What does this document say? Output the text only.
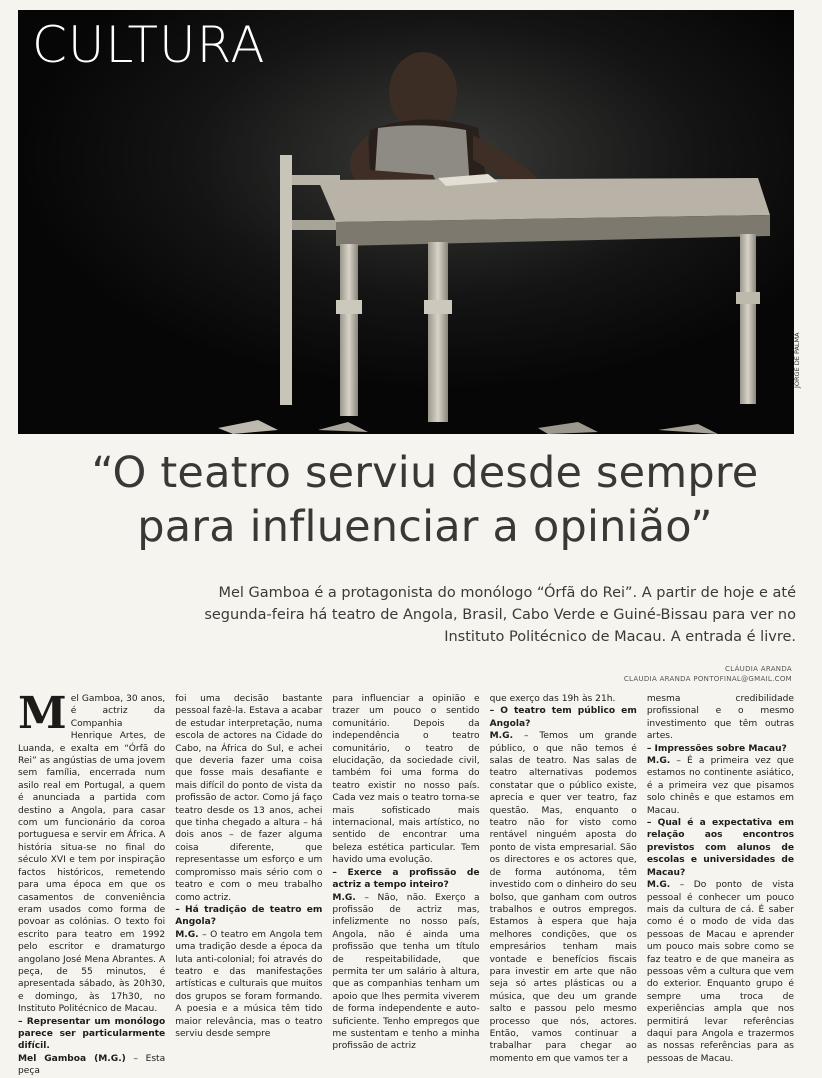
CULTURA
JORGE DE PALMA
“O teatro serviu desde sempre para influenciar a opinião”

Mel Gamboa é a protagonista do monólogo “Órfã do Rei”. A partir de hoje e até segunda-feira há teatro de Angola, Brasil, Cabo Verde e Guiné-Bissau para ver no Instituto Politécnico de Macau. A entrada é livre.

CLÁUDIA ARANDA
CLAUDIA ARANDA PONTOFINAL@GMAIL.COM
M el Gamboa, 30 anos, é actriz da Companhia Henrique Artes, de Luanda, e exalta em “Órfã do Rei” as angústias de uma jovem sem família, encerrada num asilo real em Portugal, a quem é anunciada a partida com destino a Angola, para casar com um funcionário da coroa portuguesa e servir em África. A história situa-se no final do século XVI e tem por inspiração factos históricos, remetendo para uma época em que os casamentos de conveniência eram usados como forma de povoar as colónias. O texto foi escrito para teatro em 1992 pelo escritor e dramaturgo angolano José Mena Abrantes. A peça, de 55 minutos, é apresentada sábado, às 20h30, e domingo, às 17h30, no Instituto Politécnico de Macau.

– Representar um monólogo parece ser particularmente difícil.

Mel Gamboa (M.G.) – Esta peça

foi uma decisão bastante pessoal fazê-la. Estava a acabar de estudar interpretação, numa escola de actores na Cidade do Cabo, na África do Sul, e achei que deveria fazer uma coisa que fosse mais desafiante e mais difícil do ponto de vista da profissão de actor. Como já faço teatro desde os 13 anos, achei que tinha chegado a altura – há dois anos – de fazer alguma coisa diferente, que representasse um esforço e um compromisso mais sério com o teatro e com o meu trabalho como actriz.

– Há tradição de teatro em Angola?

M.G. – O teatro em Angola tem uma tradição desde a época da luta anti-colonial; foi através do teatro e das manifestações artísticas e culturais que muitos dos grupos se foram formando. A poesia e a música têm tido maior relevância, mas o teatro serviu desde sempre

para influenciar a opinião e trazer um pouco o sentido comunitário. Depois da independência o teatro comunitário, o teatro de elucidação, da sociedade civil, também foi uma forma do teatro existir no nosso país. Cada vez mais o teatro torna-se mais sofisticado mais internacional, mais artístico, no sentido de encontrar uma beleza estética particular. Tem havido uma evolução.

– Exerce a profissão de actriz a tempo inteiro?

M.G. – Não, não. Exerço a profissão de actriz mas, infelizmente no nosso país, Angola, não é ainda uma profissão que tenha um título de respeitabilidade, que permita ter um salário à altura, que as companhias tenham um apoio que lhes permita viverem de forma independente e auto-suficiente. Tenho empregos que me sustentam e tenho a minha profissão de actriz

que exerço das 19h às 21h.

– O teatro tem público em Angola?

M.G. – Temos um grande público, o que não temos é salas de teatro. Nas salas de teatro alternativas podemos constatar que o público existe, aprecia e quer ver teatro, faz questão. Mas, enquanto o teatro não for visto como rentável ninguém aposta do ponto de vista empresarial. São os directores e os actores que, de forma autónoma, têm investido com o dinheiro do seu bolso, que ganham com outros trabalhos e outros empregos. Estamos à espera que haja melhores condições, que os empresários tenham mais vontade e benefícios fiscais para investir em arte que não seja só artes plásticas ou a música, que deu um grande salto e passou pelo mesmo processo que nós, actores. Então, vamos continuar a trabalhar para chegar ao momento em que vamos ter a

mesma credibilidade profissional e o mesmo investimento que têm outras artes.

– Impressões sobre Macau?

M.G. – É a primeira vez que estamos no continente asiático, é a primeira vez que pisamos solo chinês e que estamos em Macau.

– Qual é a expectativa em relação aos encontros previstos com alunos de escolas e universidades de Macau?

M.G. – Do ponto de vista pessoal é conhecer um pouco mais da cultura de cá. É saber como é o modo de vida das pessoas de Macau e aprender um pouco mais sobre como se faz teatro e de que maneira as pessoas vêm a cultura que vem do exterior. Enquanto grupo é sempre uma troca de experiências ampla que nos permitirá levar referências daqui para Angola e trazermos as nossas referências para as pessoas de Macau.
